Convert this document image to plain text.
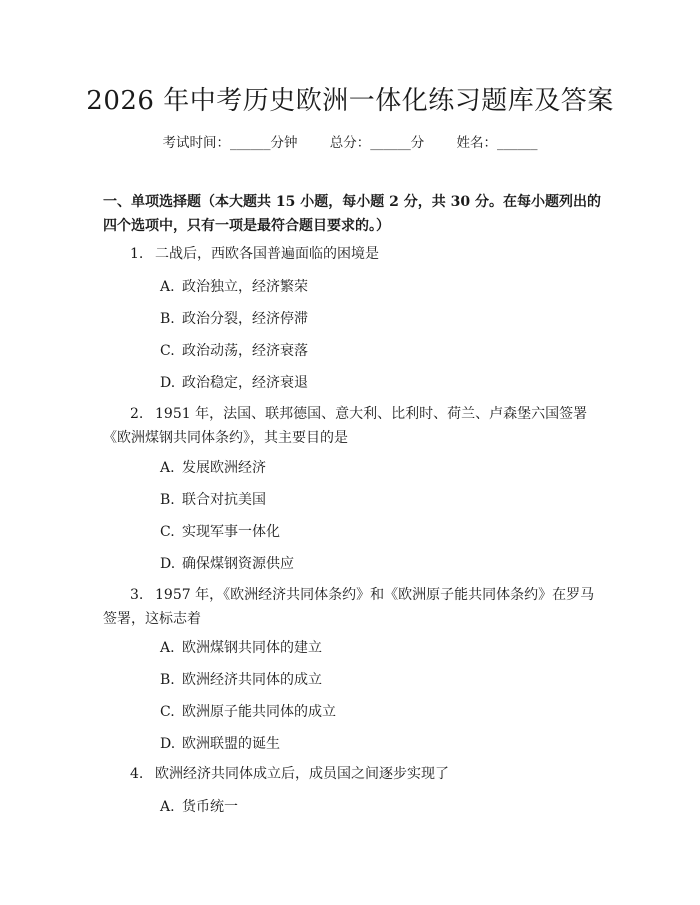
2026 年中考历史欧洲一体化练习题库及答案
考试时间：______分钟 总分：______分 姓名：______
一、单项选择题（本大题共 15 小题，每小题 2 分，共 30 分。在每小题列出的四个选项中，只有一项是最符合题目要求的。）
1. 二战后，西欧各国普遍面临的困境是
A. 政治独立，经济繁荣
B. 政治分裂，经济停滞
C. 政治动荡，经济衰落
D. 政治稳定，经济衰退
2. 1951 年，法国、联邦德国、意大利、比利时、荷兰、卢森堡六国签署《欧洲煤钢共同体条约》，其主要目的是
A. 发展欧洲经济
B. 联合对抗美国
C. 实现军事一体化
D. 确保煤钢资源供应
3. 1957 年，《欧洲经济共同体条约》和《欧洲原子能共同体条约》在罗马签署，这标志着
A. 欧洲煤钢共同体的建立
B. 欧洲经济共同体的成立
C. 欧洲原子能共同体的成立
D. 欧洲联盟的诞生
4. 欧洲经济共同体成立后，成员国之间逐步实现了
A. 货币统一
